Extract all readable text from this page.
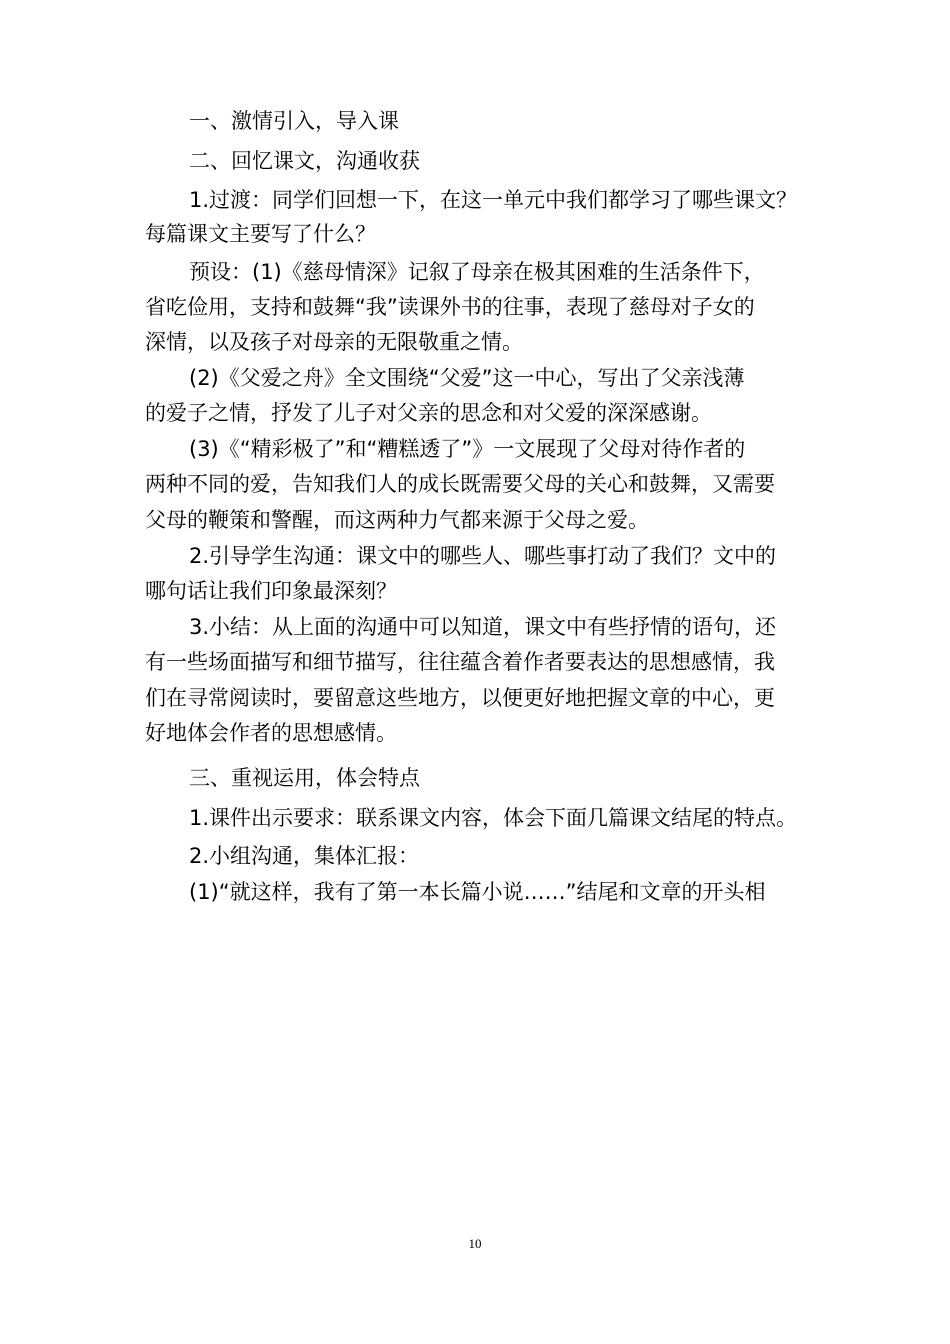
一、激情引入，导入课
二、回忆课文，沟通收获
1.过渡：同学们回想一下，在这一单元中我们都学习了哪些课文？
每篇课文主要写了什么？
预设：(1)《慈母情深》记叙了母亲在极其困难的生活条件下，
省吃俭用，支持和鼓舞“我”读课外书的往事，表现了慈母对子女的
深情，以及孩子对母亲的无限敬重之情。
(2)《父爱之舟》全文围绕“父爱”这一中心，写出了父亲浅薄
的爱子之情，抒发了儿子对父亲的思念和对父爱的深深感谢。
(3)《“精彩极了”和“糟糕透了”》一文展现了父母对待作者的
两种不同的爱，告知我们人的成长既需要父母的关心和鼓舞，又需要
父母的鞭策和警醒，而这两种力气都来源于父母之爱。
2.引导学生沟通：课文中的哪些人、哪些事打动了我们？文中的
哪句话让我们印象最深刻？
3.小结：从上面的沟通中可以知道，课文中有些抒情的语句，还
有一些场面描写和细节描写，往往蕴含着作者要表达的思想感情，我
们在寻常阅读时，要留意这些地方，以便更好地把握文章的中心，更
好地体会作者的思想感情。
三、重视运用，体会特点
1.课件出示要求：联系课文内容，体会下面几篇课文结尾的特点。
2.小组沟通，集体汇报：
(1)“就这样，我有了第一本长篇小说……”结尾和文章的开头相
10
